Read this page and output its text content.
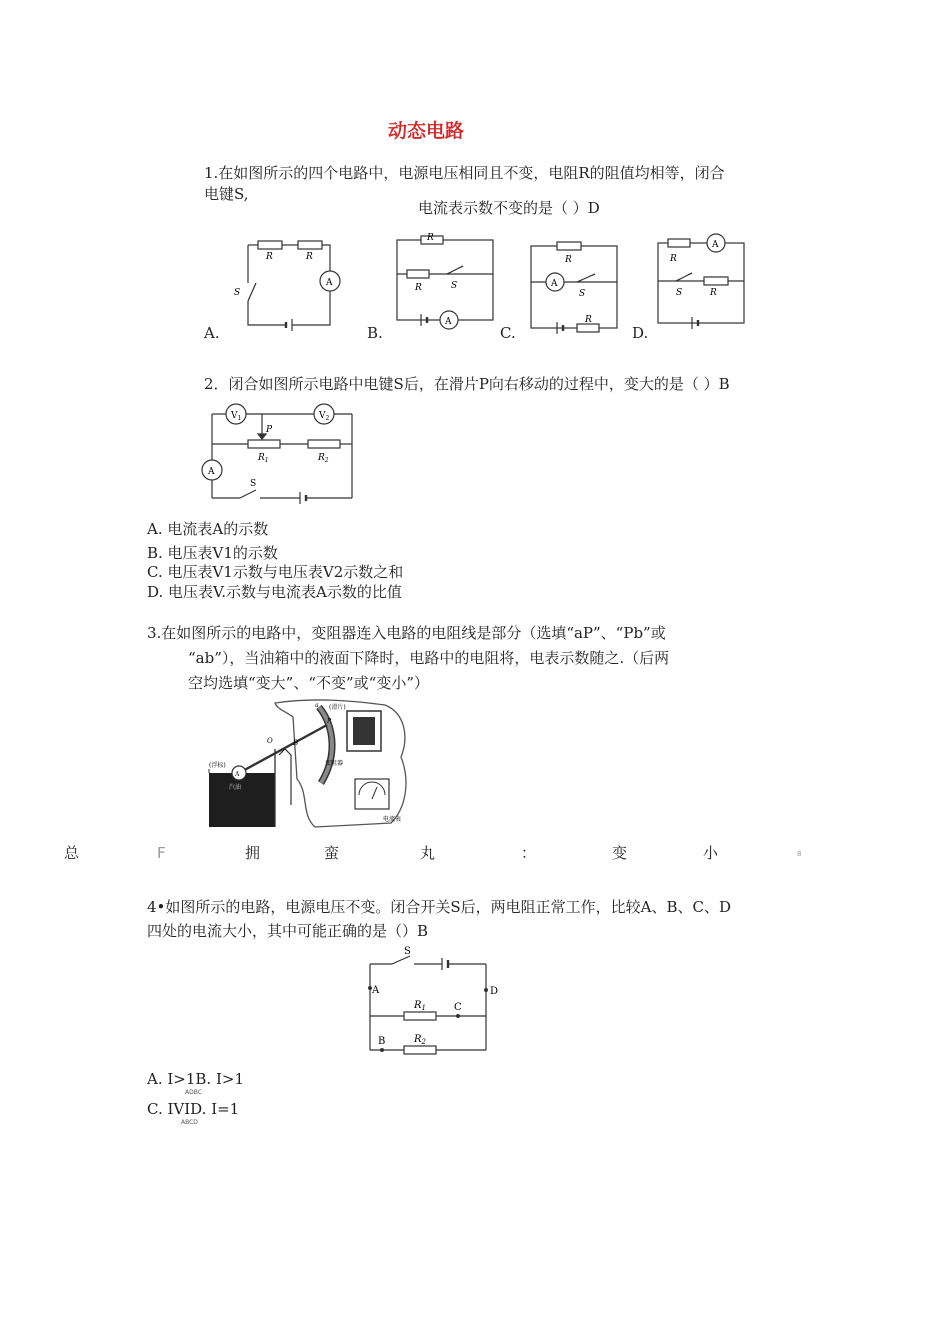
动态电路
1.在如图所示的四个电路中，电源电压相同且不变，电阻R的阻值均相等，闭合
电键S,
电流表示数不变的是（ ）D
A.	B.	C.	D.
R	R
A
S
R
R	S
A
R
A
S
R
R
A
S	R
2．闭合如图所示电路中电键S后，在滑片P向右移动的过程中，变大的是（ ）B
$V_1$	$V_2$
P
$R_1$	$R_2$
A
S
A. 电流表A的示数
B. 电压表V1的示数
C. 电压表V1示数与电压表V2示数之和
D. 电压表V.示数与电流表A示数的比值
3.在如图所示的电路中，变阻器连入电路的电阻线是部分（选填“aP”、“Pb”或
“ab”），当油箱中的液面下降时，电路中的电阻将，电表示数随之.（后两
空均选填“变大”、“不变”或“变小”）
A
(浮标)
汽油
O	B
变阻器
a (滑片)
P
电流表
总	F	拥	蛮	丸	：	变	小	8
4•如图所示的电路，电源电压不变。闭合开关S后，两电阻正常工作，比较A、B、C、D
四处的电流大小，其中可能正确的是（）B
S
A
B
C
D
$R_1$
$R_2$
A. I>1B. I>1
ADBC
C. IVID. I=1
ABCD
